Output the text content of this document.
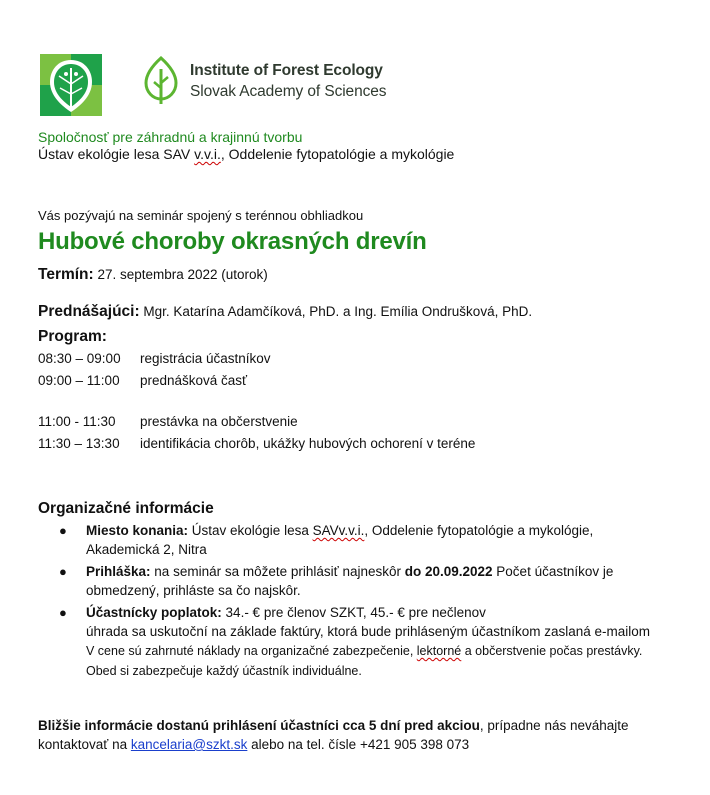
Institute of Forest Ecology
Slovak Academy of Sciences
Spoločnosť pre záhradnú a krajinnú tvorbu
Ústav ekológie lesa SAV v.v.i., Oddelenie fytopatológie a mykológie
Vás pozývajú na seminár spojený s terénnou obhliadkou
Hubové choroby okrasných drevín
Termín: 27. septembra 2022 (utorok)
Prednášajúci: Mgr. Katarína Adamčíková, PhD. a Ing. Emília Ondrušková, PhD.
Program:
08:30 – 09:00 registrácia účastníkov
09:00 – 11:00 prednášková časť
11:00 - 11:30 prestávka na občerstvenie
11:30 – 13:30 identifikácia chorôb, ukážky hubových ochorení v teréne
Organizačné informácie
● Miesto konania: Ústav ekológie lesa SAVv.v.i., Oddelenie fytopatológie a mykológie, Akademická 2, Nitra
● Prihláška: na seminár sa môžete prihlásiť najneskôr do 20.09.2022 Počet účastníkov je obmedzený, prihláste sa čo najskôr.
● Účastnícky poplatok: 34.- € pre členov SZKT, 45.- € pre nečlenov
úhrada sa uskutoční na základe faktúry, ktorá bude prihláseným účastníkom zaslaná e-mailom
V cene sú zahrnuté náklady na organizačné zabezpečenie, lektorné a občerstvenie počas prestávky. Obed si zabezpečuje každý účastník individuálne.
Bližšie informácie dostanú prihlásení účastníci cca 5 dní pred akciou, prípadne nás neváhajte kontaktovať na kancelaria@szkt.sk alebo na tel. čísle +421 905 398 073
